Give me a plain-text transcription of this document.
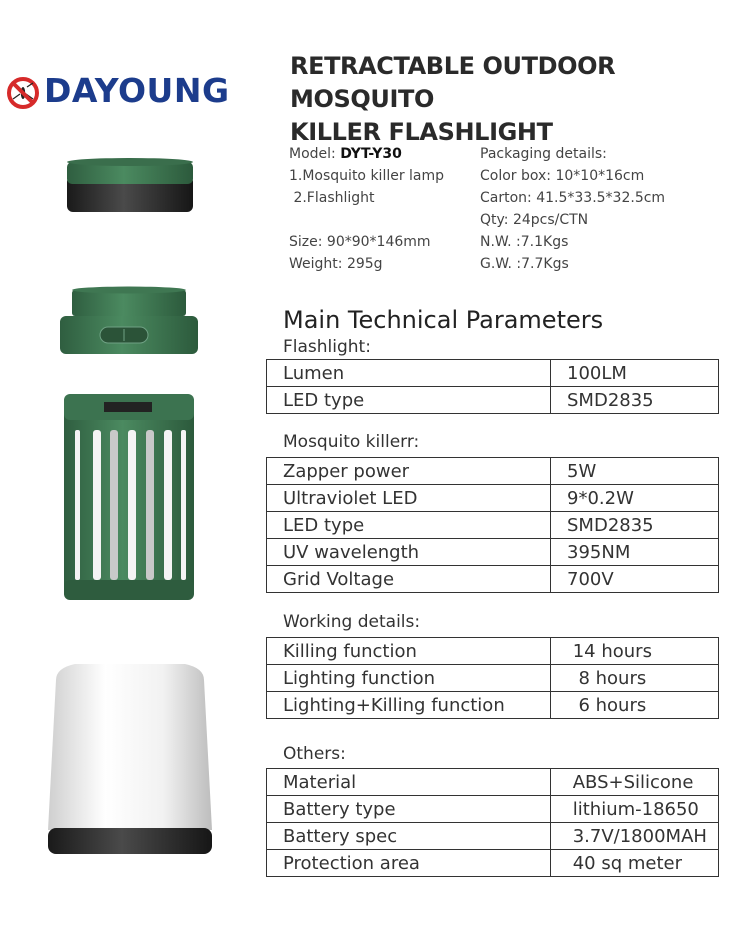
DAYOUNG
RETRACTABLE OUTDOOR MOSQUITO
KILLER FLASHLIGHT
Model: DYT-Y30
1.Mosquito killer lamp
2.Flashlight
Size: 90*90*146mm
Weight: 295g
Packaging details:
Color box: 10*10*16cm
Carton: 41.5*33.5*32.5cm
Qty: 24pcs/CTN
N.W. :7.1Kgs
G.W. :7.7Kgs
Main Technical Parameters
Flashlight:
Lumen	100LM
LED type	SMD2835
Mosquito killerr:
Zapper power	5W
Ultraviolet LED	9*0.2W
LED type	SMD2835
UV wavelength	395NM
Grid Voltage	700V
Working details:
Killing function	14 hours
Lighting function	8 hours
Lighting+Killing function	6 hours
Others:
Material	ABS+Silicone
Battery type	lithium-18650
Battery spec	3.7V/1800MAH
Protection area	40 sq meter
